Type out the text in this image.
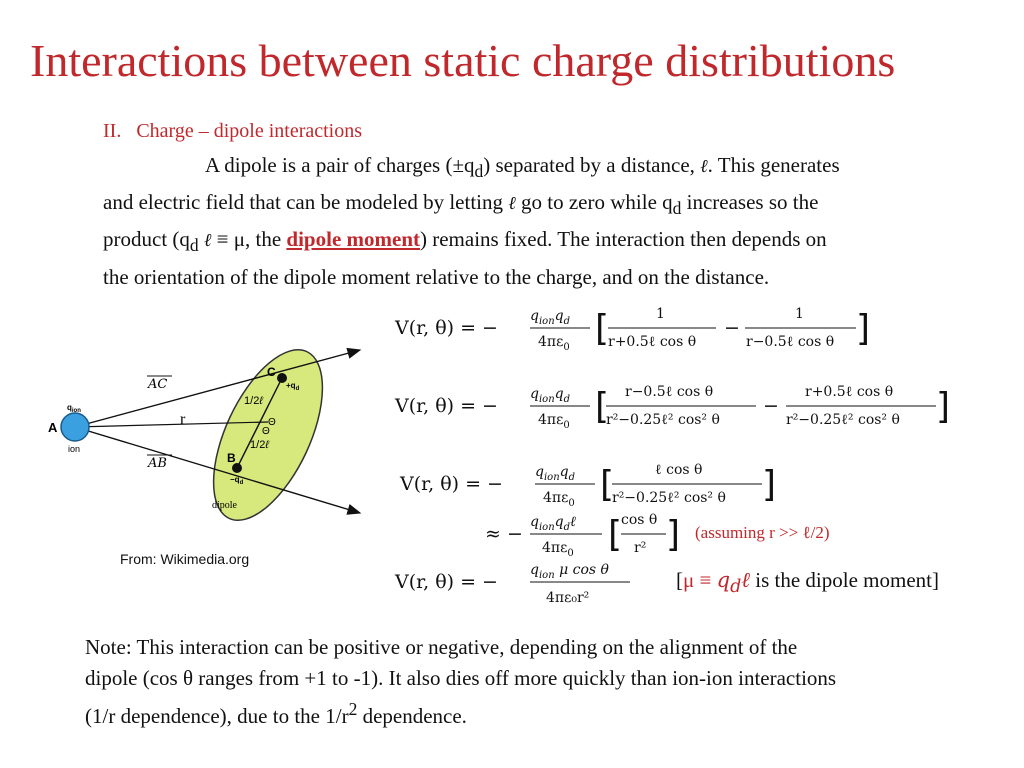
Interactions between static charge distributions
II.   Charge – dipole interactions
A dipole is a pair of charges $(\pm q_d)$ separated by a distance, ℓ. This generates
and electric field that can be modeled by letting ℓ go to zero while $q_d$ increases so the
product ($q_d$ ℓ ≡ μ, the dipole moment) remains fixed. The interaction then depends on
the orientation of the dipole moment relative to the charge, and on the distance.
AC
AB
r
A
$q_{ion}$
ion
C
$+q_d$
B
$-q_d$
1/2ℓ
1/2ℓ
Θ
Θ
dipole
From: Wikimedia.org
V(r, θ) = −
$q_{ion}q_d$
$4\pi\varepsilon_0$ [	1
r+0.5ℓ cos θ
−
1
r−0.5ℓ cos θ ]
V(r, θ) = −
$q_{ion}q_d$
$4\pi\varepsilon_0$ [ r−0.5ℓ cos θ
r²−0.25ℓ² cos² θ
−
r+0.5ℓ cos θ
r²−0.25ℓ² cos² θ ]
V(r, θ) = −
$q_{ion}q_d$
$4\pi\varepsilon_0$ [	ℓ cos θ
r²−0.25ℓ² cos² θ ]
≈ −
$q_{ion}q_d\ell$
$4\pi\varepsilon_0$ [
cos θ
r² ]
V(r, θ) = −
$q_{ion}$ μ cos θ
4πε₀r²
(assuming r >> ℓ/2)
[$\mu \equiv q_d\ell$ is the dipole moment]
Note: This interaction can be positive or negative, depending on the alignment of the
dipole (cos θ ranges from +1 to -1). It also dies off more quickly than ion-ion interactions
(1/r dependence), due to the $1/r^2$ dependence.
